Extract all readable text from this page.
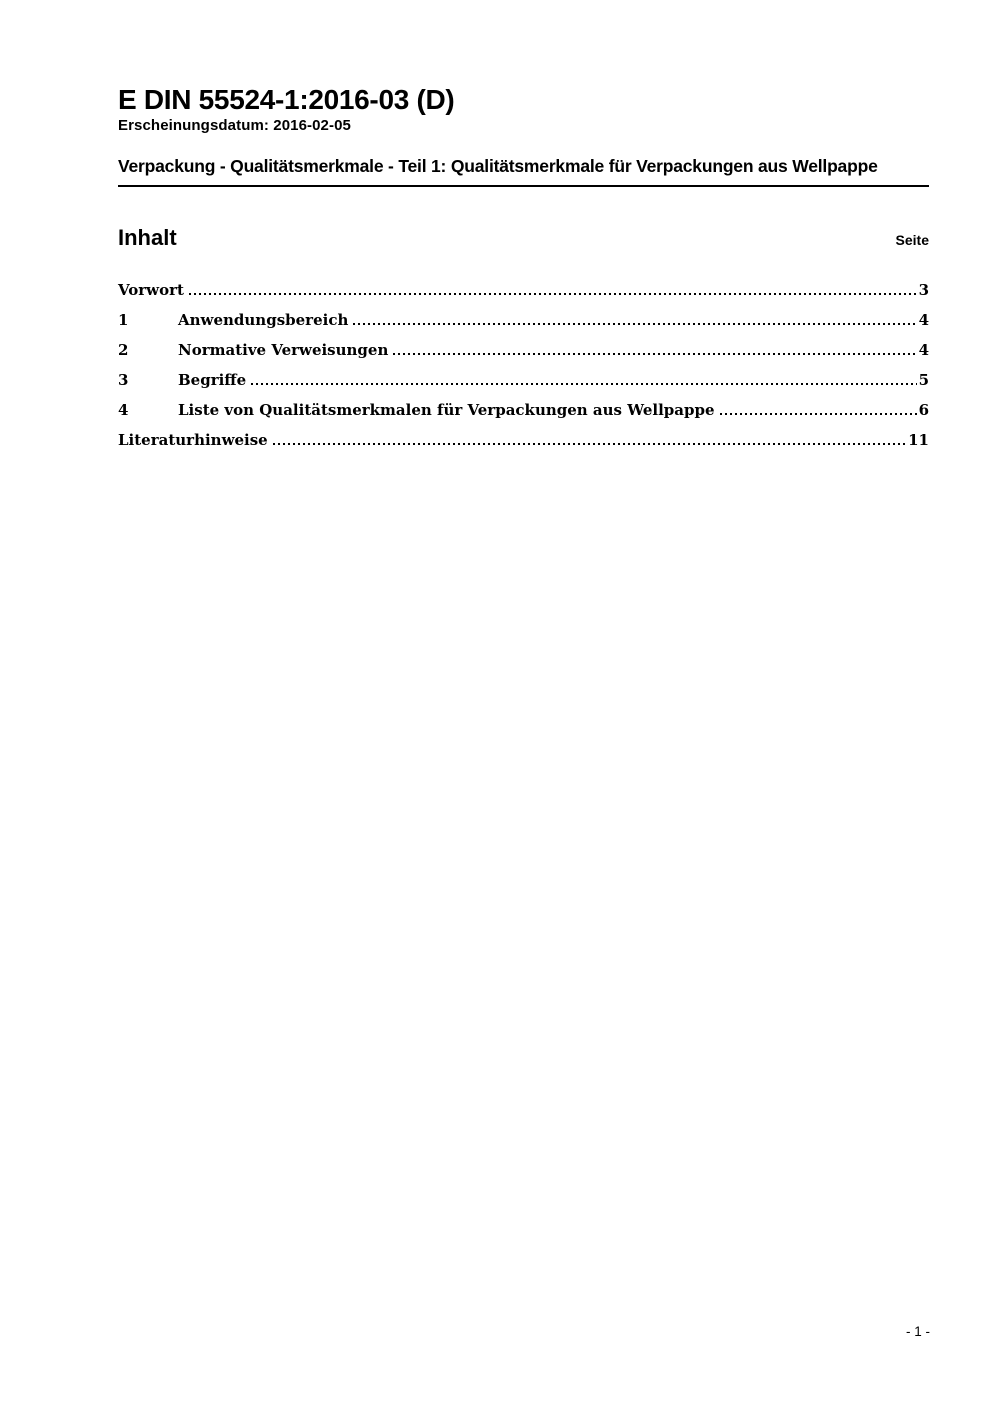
E DIN 55524-1:2016-03 (D)
Erscheinungsdatum: 2016-02-05
Verpackung - Qualitätsmerkmale - Teil 1: Qualitätsmerkmale für Verpackungen aus Wellpappe
Inhalt	Seite
Vorwort	3
1	Anwendungsbereich	4
2	Normative Verweisungen	4
3	Begriffe	5
4	Liste von Qualitätsmerkmalen für Verpackungen aus Wellpappe	6
Literaturhinweise	11
- 1 -
